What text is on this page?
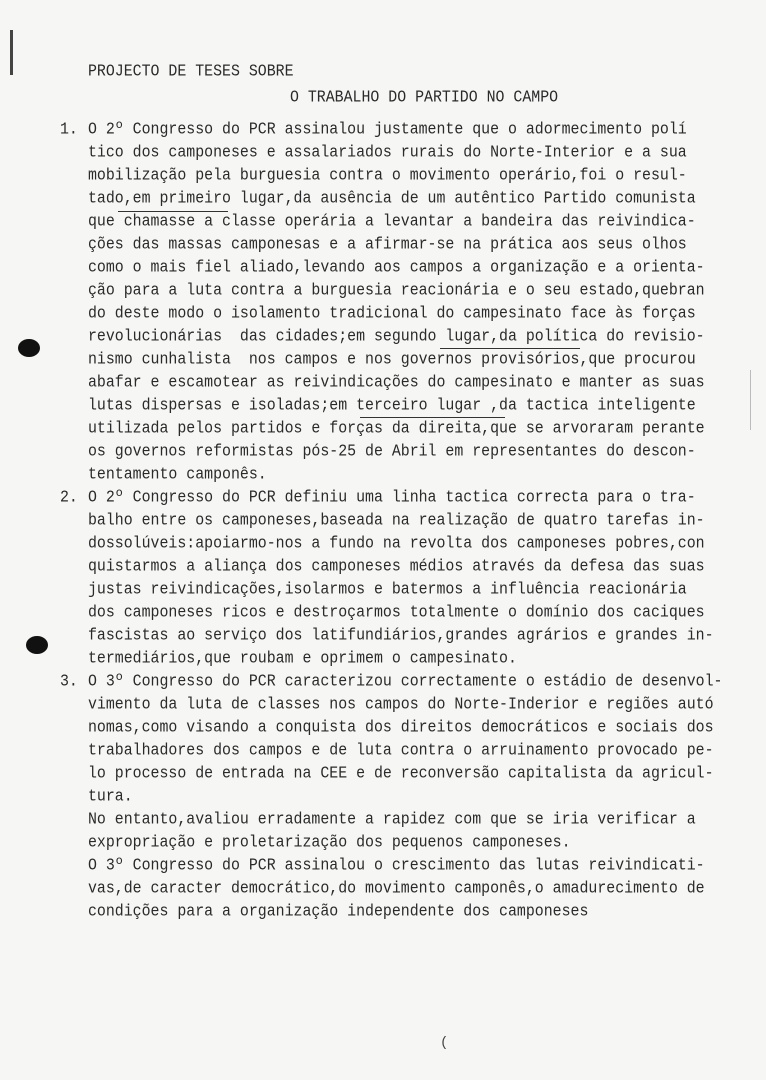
PROJECTO DE TESES SOBRE
O TRABALHO DO PARTIDO NO CAMPO
1. O 2º Congresso do PCR assinalou justamente que o adormecimento polí
tico dos camponeses e assalariados rurais do Norte-Interior e a sua
mobilização pela burguesia contra o movimento operário,foi o resul-
tado,em primeiro lugar,da ausência de um autêntico Partido comunista
que chamasse a classe operária a levantar a bandeira das reivindica-
ções das massas camponesas e a afirmar-se na prática aos seus olhos
como o mais fiel aliado,levando aos campos a organização e a orienta-
ção para a luta contra a burguesia reacionária e o seu estado,quebran
do deste modo o isolamento tradicional do campesinato face às forças
revolucionárias  das cidades;em segundo lugar,da política do revisio-
nismo cunhalista  nos campos e nos governos provisórios,que procurou
abafar e escamotear as reivindicações do campesinato e manter as suas
lutas dispersas e isoladas;em terceiro lugar ,da tactica inteligente
utilizada pelos partidos e forças da direita,que se arvoraram perante
os governos reformistas pós-25 de Abril em representantes do descon-
tentamento camponês.
2. O 2º Congresso do PCR definiu uma linha tactica correcta para o tra-
balho entre os camponeses,baseada na realização de quatro tarefas in-
dossolúveis:apoiarmo-nos a fundo na revolta dos camponeses pobres,con
quistarmos a aliança dos camponeses médios através da defesa das suas
justas reivindicações,isolarmos e batermos a influência reacionária
dos camponeses ricos e destroçarmos totalmente o domínio dos caciques
fascistas ao serviço dos latifundiários,grandes agrários e grandes in-
termediários,que roubam e oprimem o campesinato.
3. O 3º Congresso do PCR caracterizou correctamente o estádio de desenvol-
vimento da luta de classes nos campos do Norte-Inderior e regiões autó
nomas,como visando a conquista dos direitos democráticos e sociais dos
trabalhadores dos campos e de luta contra o arruinamento provocado pe-
lo processo de entrada na CEE e de reconversão capitalista da agricul-
tura.
No entanto,avaliou erradamente a rapidez com que se iria verificar a
expropriação e proletarização dos pequenos camponeses.
O 3º Congresso do PCR assinalou o crescimento das lutas reivindicati-
vas,de caracter democrático,do movimento camponês,o amadurecimento de
condições para a organização independente dos camponeses
(
